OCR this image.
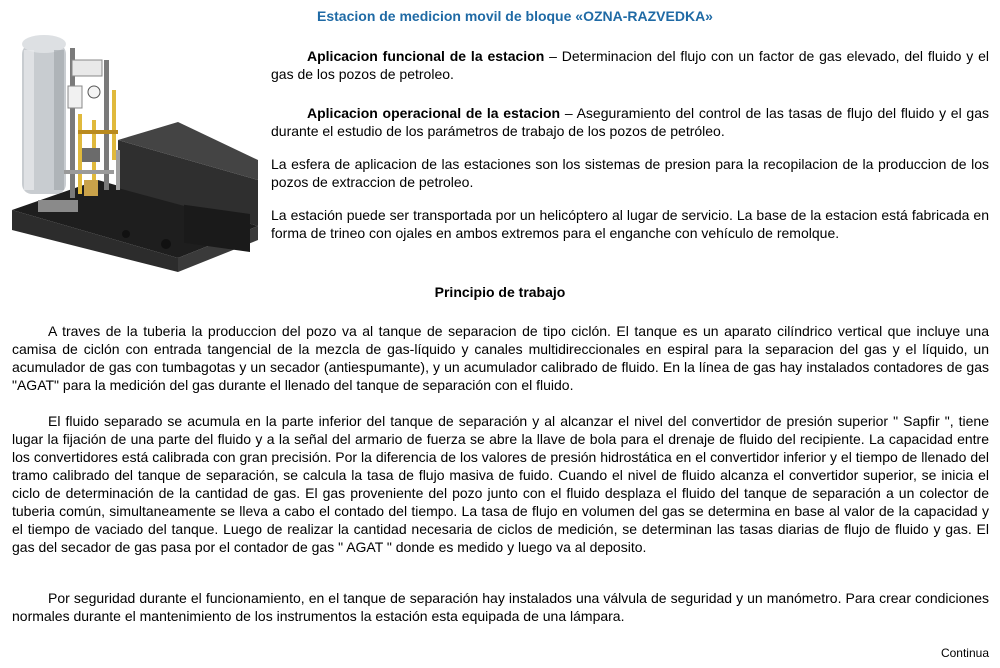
Estacion de medicion movil de bloque «OZNA-RAZVEDKA»

Aplicacion funcional de la estacion – Determinacion del flujo con un factor de gas elevado, del fluido y el gas de los pozos de petroleo.

Aplicacion operacional de la estacion – Aseguramiento del control de las tasas de flujo del fluido y el gas durante el estudio de los parámetros de trabajo de los pozos de petróleo.

La esfera de aplicacion de las estaciones son los sistemas de presion para la recopilacion de la produccion de los pozos de extraccion de petroleo.

La estación puede ser transportada por un helicóptero al lugar de servicio. La base de la estacion está fabricada en forma de trineo con ojales en ambos extremos para el enganche con vehículo de remolque.

Principio de trabajo

A traves de la tuberia la produccion del pozo va al tanque de separacion de tipo ciclón. El tanque es un aparato cilíndrico vertical que incluye una camisa de ciclón con entrada tangencial de la mezcla de gas-líquido y canales multidireccionales en espiral para la separacion del gas y el líquido, un acumulador de gas con tumbagotas y un secador (antiespumante), y un acumulador calibrado de fluido. En la línea de gas hay instalados contadores de gas "AGAT" para la medición del gas durante el llenado del tanque de separación con el fluido.

El fluido separado se acumula en la parte inferior del tanque de separación y al alcanzar el nivel del convertidor de presión superior " Sapfir ", tiene lugar la fijación de una parte del fluido y a la señal del armario de fuerza se abre la llave de bola para el drenaje de fluido del recipiente. La capacidad entre los convertidores está calibrada con gran precisión. Por la diferencia de los valores de presión hidrostática en el convertidor inferior y el tiempo de llenado del tramo calibrado del tanque de separación, se calcula la tasa de flujo masiva de fuido. Cuando el nivel de fluido alcanza el convertidor superior, se inicia el ciclo de determinación de la cantidad de gas. El gas proveniente del pozo junto con el fluido desplaza el fluido del tanque de separación a un colector de tuberia común, simultaneamente se lleva a cabo el contado del tiempo. La tasa de flujo en volumen del gas se determina en base al valor de la capacidad y el tiempo de vaciado del tanque. Luego de realizar la cantidad necesaria de ciclos de medición, se determinan las tasas diarias de flujo de fluido y gas. El gas del secador de gas pasa por el contador de gas " AGAT " donde es medido y luego va al deposito.

Por seguridad durante el funcionamiento, en el tanque de separación hay instalados una válvula de seguridad y un manómetro. Para crear condiciones normales durante el mantenimiento de los instrumentos la estación esta equipada de una lámpara.

Continua
